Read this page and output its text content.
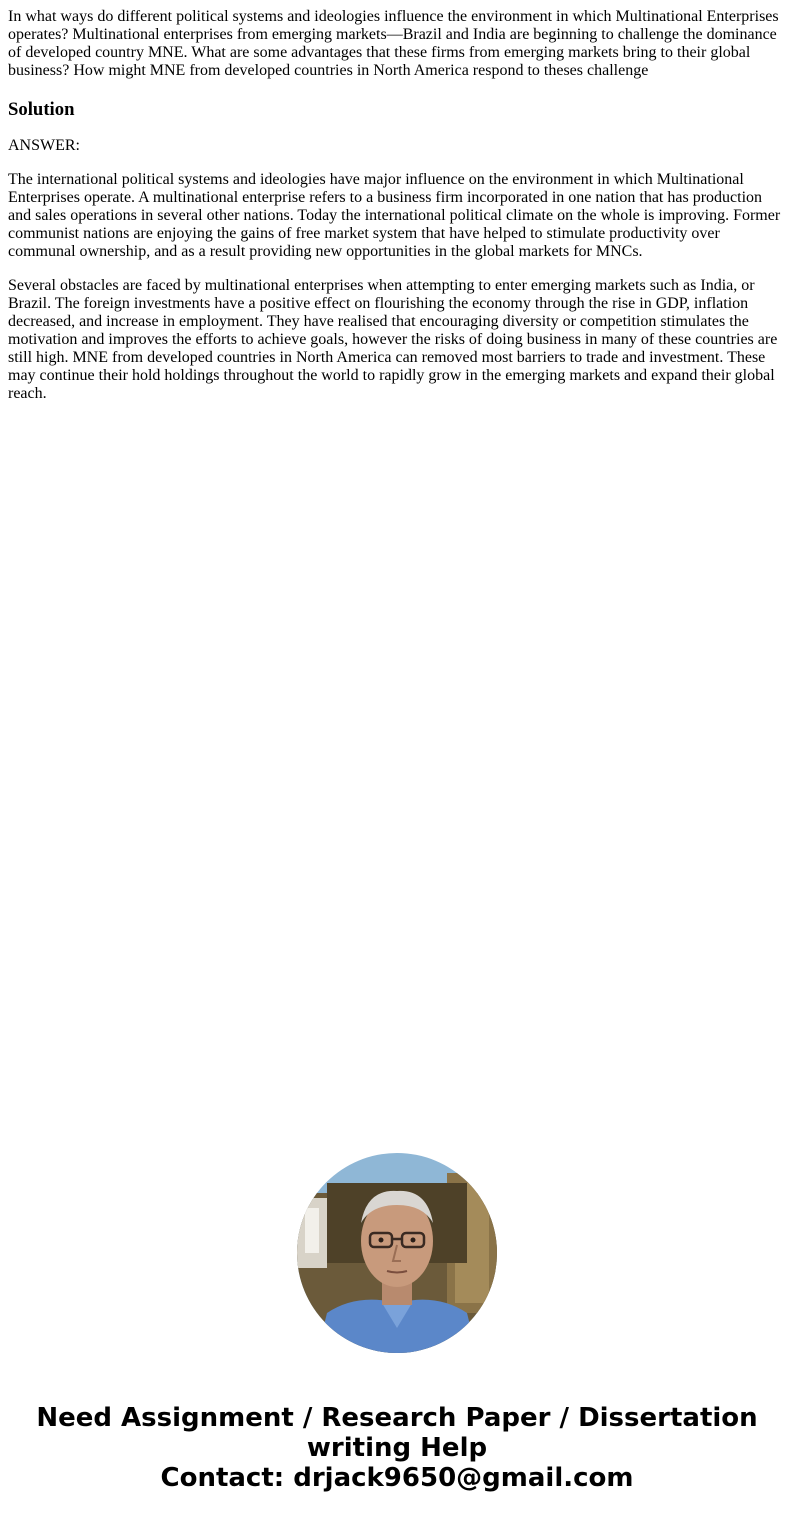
In what ways do different political systems and ideologies influence the environment in which Multinational Enterprises operates? Multinational enterprises from emerging markets—Brazil and India are beginning to challenge the dominance of developed country MNE. What are some advantages that these firms from emerging markets bring to their global business? How might MNE from developed countries in North America respond to theses challenge

Solution

ANSWER:

The international political systems and ideologies have major influence on the environment in which Multinational Enterprises operate. A multinational enterprise refers to a business firm incorporated in one nation that has production and sales operations in several other nations. Today the international political climate on the whole is improving. Former communist nations are enjoying the gains of free market system that have helped to stimulate productivity over communal ownership, and as a result providing new opportunities in the global markets for MNCs.

Several obstacles are faced by multinational enterprises when attempting to enter emerging markets such as India, or Brazil. The foreign investments have a positive effect on flourishing the economy through the rise in GDP, inflation decreased, and increase in employment. They have realised that encouraging diversity or competition stimulates the motivation and improves the efforts to achieve goals, however the risks of doing business in many of these countries are still high. MNE from developed countries in North America can removed most barriers to trade and investment. These may continue their hold holdings throughout the world to rapidly grow in the emerging markets and expand their global reach.

Need Assignment / Research Paper / Dissertation
writing Help
Contact: drjack9650@gmail.com
